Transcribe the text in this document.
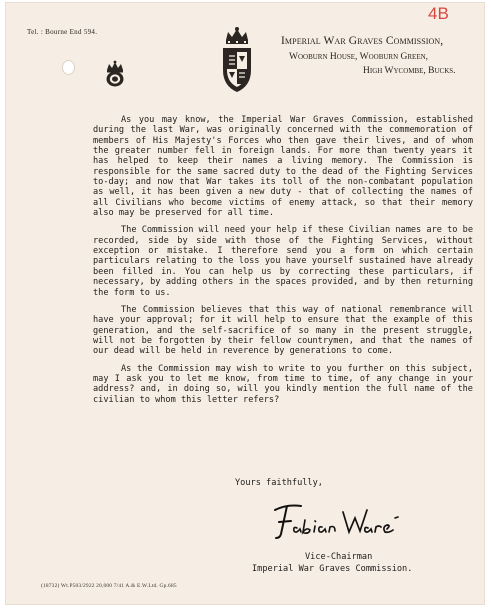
Tel. : Bourne End 594.
4B
Imperial War Graves Commission,
Wooburn House, Wooburn Green,
High Wycombe, Bucks.

As you may know, the Imperial War Graves Commission, established during the last War, was originally concerned with the commemoration of members of His Majesty's Forces who then gave their lives, and of whom the greater number fell in foreign lands. For more than twenty years it has helped to keep their names a living memory. The Commission is responsible for the same sacred duty to the dead of the Fighting Services to-day; and now that War takes its toll of the non-combatant population as well, it has been given a new duty - that of collecting the names of all Civilians who become victims of enemy attack, so that their memory also may be preserved for all time.

The Commission will need your help if these Civilian names are to be recorded, side by side with those of the Fighting Services, without exception or mistake. I therefore send you a form on which certain particulars relating to the loss you have yourself sustained have already been filled in. You can help us by correcting these particulars, if necessary, by adding others in the spaces provided, and by then returning the form to us.

The Commission believes that this way of national remembrance will have your approval; for it will help to ensure that the example of this generation, and the self-sacrifice of so many in the present struggle, will not be forgotten by their fellow countrymen, and that the names of our dead will be held in reverence by generations to come.

As the Commission may wish to write to you further on this subject, may I ask you to let me know, from time to time, of any change in your address? and, in doing so, will you kindly mention the full name of the civilian to whom this letter refers?

Yours faithfully,
Vice-Chairman
Imperial War Graves Commission.
(18732) Wt.P503/2922 20,000 7/41 A.& E.W.Ltd. Gp.685
